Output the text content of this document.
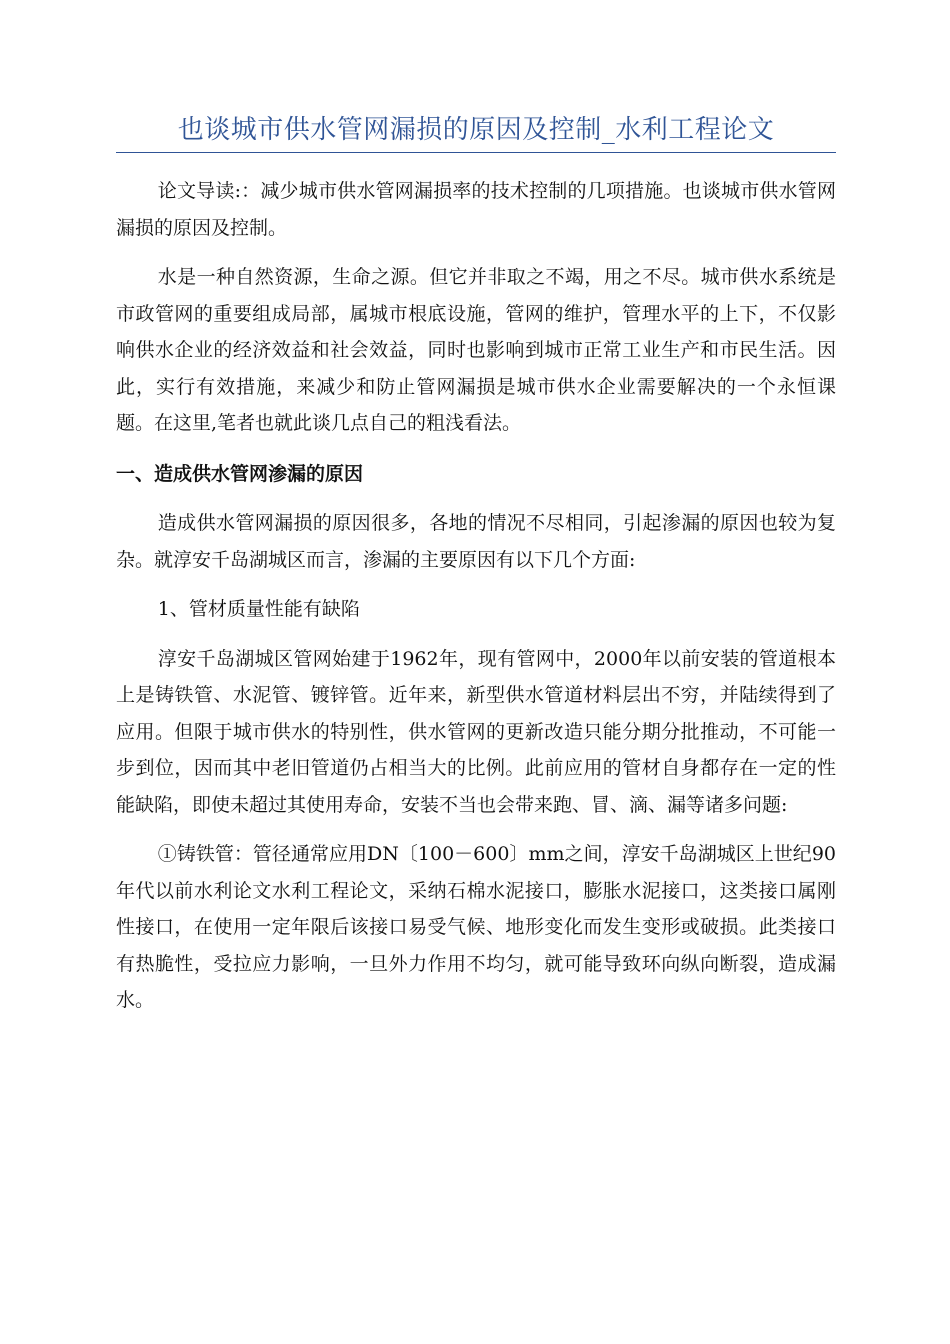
也谈城市供水管网漏损的原因及控制_水利工程论文

论文导读:：减少城市供水管网漏损率的技术控制的几项措施。也谈城市供水管网漏损的原因及控制。

水是一种自然资源，生命之源。但它并非取之不竭，用之不尽。城市供水系统是市政管网的重要组成局部，属城市根底设施，管网的维护，管理水平的上下，不仅影响供水企业的经济效益和社会效益，同时也影响到城市正常工业生产和市民生活。因此，实行有效措施，来减少和防止管网漏损是城市供水企业需要解决的一个永恒课题。在这里,笔者也就此谈几点自己的粗浅看法。

一、造成供水管网渗漏的原因

造成供水管网漏损的原因很多，各地的情况不尽相同，引起渗漏的原因也较为复杂。就淳安千岛湖城区而言，渗漏的主要原因有以下几个方面:

1、管材质量性能有缺陷

淳安千岛湖城区管网始建于1962年，现有管网中，2000年以前安装的管道根本上是铸铁管、水泥管、镀锌管。近年来，新型供水管道材料层出不穷，并陆续得到了应用。但限于城市供水的特别性，供水管网的更新改造只能分期分批推动，不可能一步到位，因而其中老旧管道仍占相当大的比例。此前应用的管材自身都存在一定的性能缺陷，即使未超过其使用寿命，安装不当也会带来跑、冒、滴、漏等诸多问题:

①铸铁管：管径通常应用DN〔100－600〕mm之间，淳安千岛湖城区上世纪90年代以前水利论文水利工程论文，采纳石棉水泥接口，膨胀水泥接口，这类接口属刚性接口，在使用一定年限后该接口易受气候、地形变化而发生变形或破损。此类接口有热脆性，受拉应力影响，一旦外力作用不均匀，就可能导致环向纵向断裂，造成漏水。
